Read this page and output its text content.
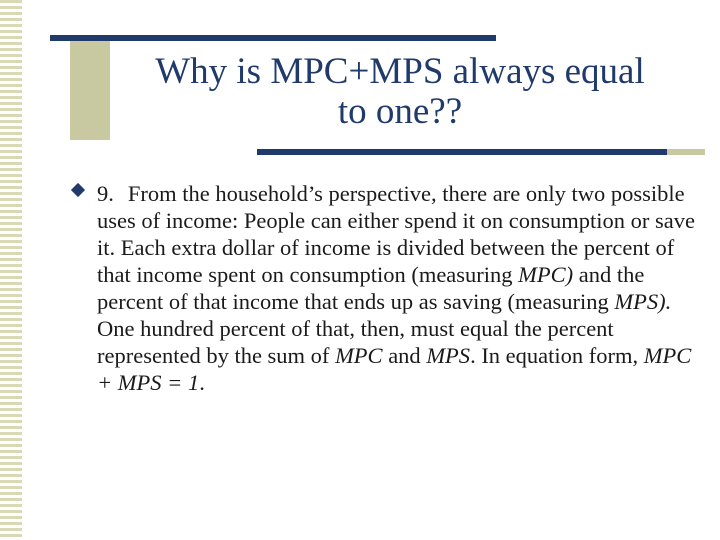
Why is MPC+MPS always equal
to one??

9. From the household’s perspective, there are only two possible uses of income: People can either spend it on consumption or save it. Each extra dollar of income is divided between the percent of that income spent on consumption (measuring MPC) and the percent of that income that ends up as saving (measuring MPS). One hundred percent of that, then, must equal the percent represented by the sum of MPC and MPS. In equation form, MPC + MPS = 1.
